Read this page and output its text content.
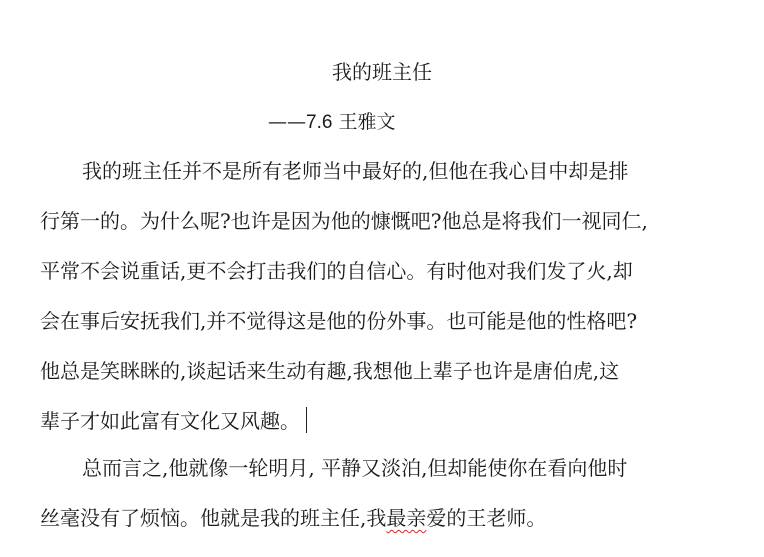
我的班主任

——7.6 王雅文

我的班主任并不是所有老师当中最好的,但他在我心目中却是排
行第一的。为什么呢?也许是因为他的慷慨吧?他总是将我们一视同仁,
平常不会说重话,更不会打击我们的自信心。有时他对我们发了火,却
会在事后安抚我们,并不觉得这是他的份外事。也可能是他的性格吧?
他总是笑眯眯的,谈起话来生动有趣,我想他上辈子也许是唐伯虎,这
辈子才如此富有文化又风趣。
总而言之,他就像一轮明月, 平静又淡泊,但却能使你在看向他时
丝毫没有了烦恼。他就是我的班主任,我最亲爱的王老师。
